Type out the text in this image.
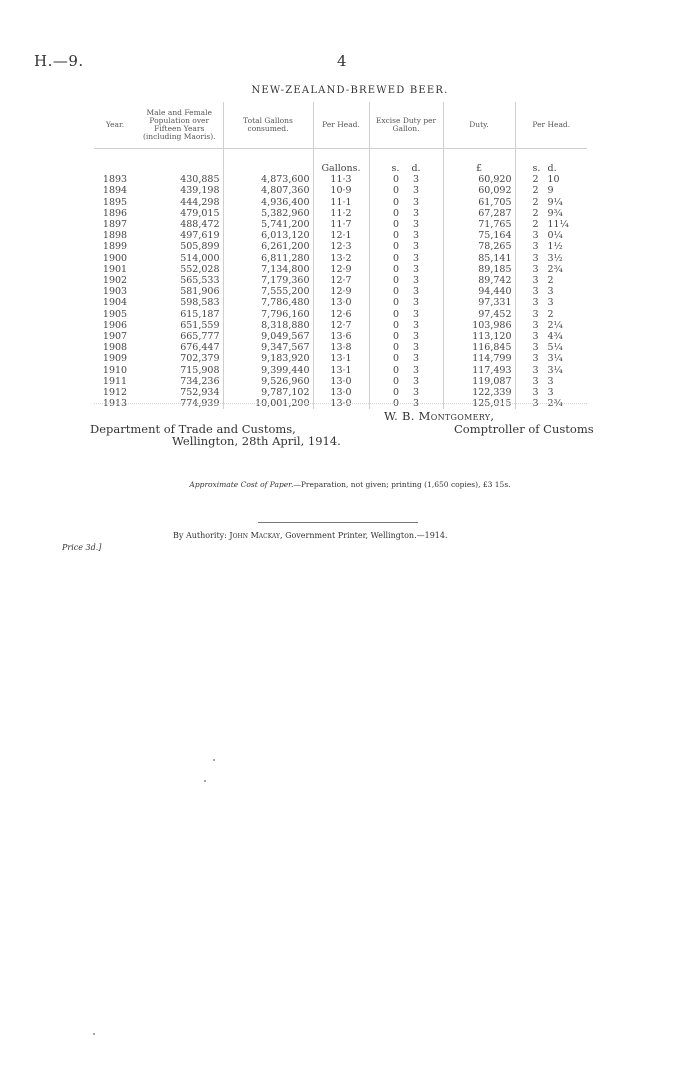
H.—9.	4
NEW-ZEALAND-BREWED BEER.
Year.	Male and Female Population over Fifteen Years (including Maoris).	Total Gallons consumed.	Per Head.	Excise Duty per Gallon.	Duty.	Per Head.
			Gallons.	s. d.	£	s. d.

1893	430,885	4,873,600	11·3	0 3	60,920	2 10

1894	439,198	4,807,360	10·9	0 3	60,092	2 9

1895	444,298	4,936,400	11·1	0 3	61,705	2 9¼

1896	479,015	5,382,960	11·2	0 3	67,287	2 9¾

1897	488,472	5,741,200	11·7	0 3	71,765	2 11¼

1898	497,619	6,013,120	12·1	0 3	75,164	3 0¼

1899	505,899	6,261,200	12·3	0 3	78,265	3 1½

1900	514,000	6,811,280	13·2	0 3	85,141	3 3½

1901	552,028	7,134,800	12·9	0 3	89,185	3 2¾

1902	565,533	7,179,360	12·7	0 3	89,742	3 2

1903	581,906	7,555,200	12·9	0 3	94,440	3 3

1904	598,583	7,786,480	13·0	0 3	97,331	3 3

1905	615,187	7,796,160	12·6	0 3	97,452	3 2

1906	651,559	8,318,880	12·7	0 3	103,986	3 2¼

1907	665,777	9,049,567	13·6	0 3	113,120	3 4¾

1908	676,447	9,347,567	13·8	0 3	116,845	3 5¼

1909	702,379	9,183,920	13·1	0 3	114,799	3 3¼

1910	715,908	9,399,440	13·1	0 3	117,493	3 3¼

1911	734,236	9,526,960	13·0	0 3	119,087	3 3

1912	752,934	9,787,102	13·0	0 3	122,339	3 3

1913	774,939	10,001,200	13·0	0 3	125,015	3 2¾
W. B. Montgomery,
Comptroller of Customs
Department of Trade and Customs,
Wellington, 28th April, 1914.
Approximate Cost of Paper.—Preparation, not given; printing (1,650 copies), £3 15s.
By Authority: John Mackay, Government Printer, Wellington.—1914.
Price 3d.]
